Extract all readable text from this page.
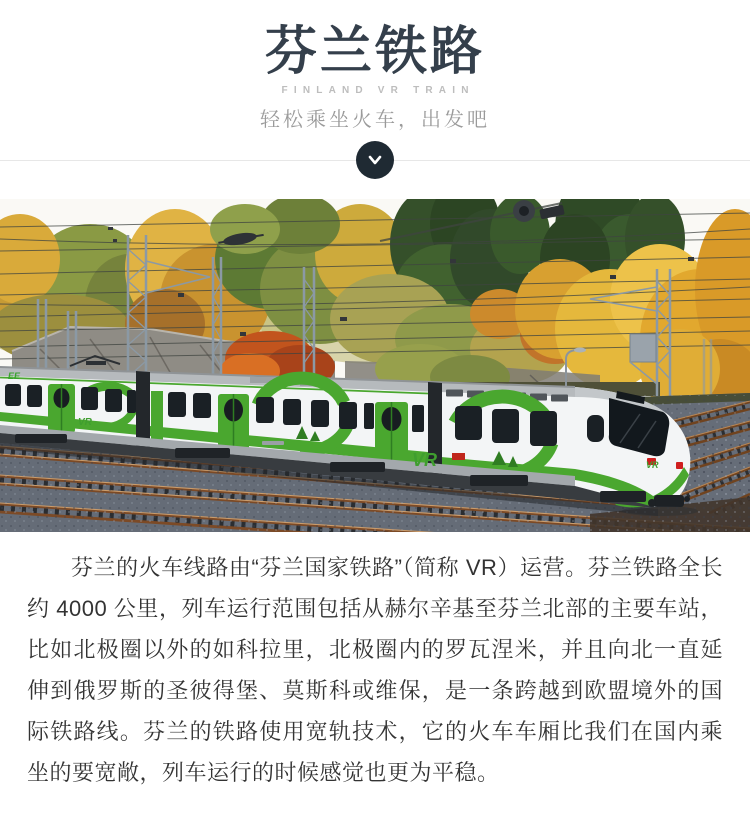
芬兰铁路
FINLAND VR TRAIN
轻松乘坐火车，出发吧
EE
VR
VR	VR

芬兰的火车线路由“芬兰国家铁路”（简称 VR）运营。芬兰铁路全长约 4000 公里，列车运行范围包括从赫尔辛基至芬兰北部的主要车站，比如北极圈以外的如科拉里，北极圈内的罗瓦涅米，并且向北一直延伸到俄罗斯的圣彼得堡、莫斯科或维保，是一条跨越到欧盟境外的国际铁路线。芬兰的铁路使用宽轨技术，它的火车车厢比我们在国内乘坐的要宽敞，列车运行的时候感觉也更为平稳。
